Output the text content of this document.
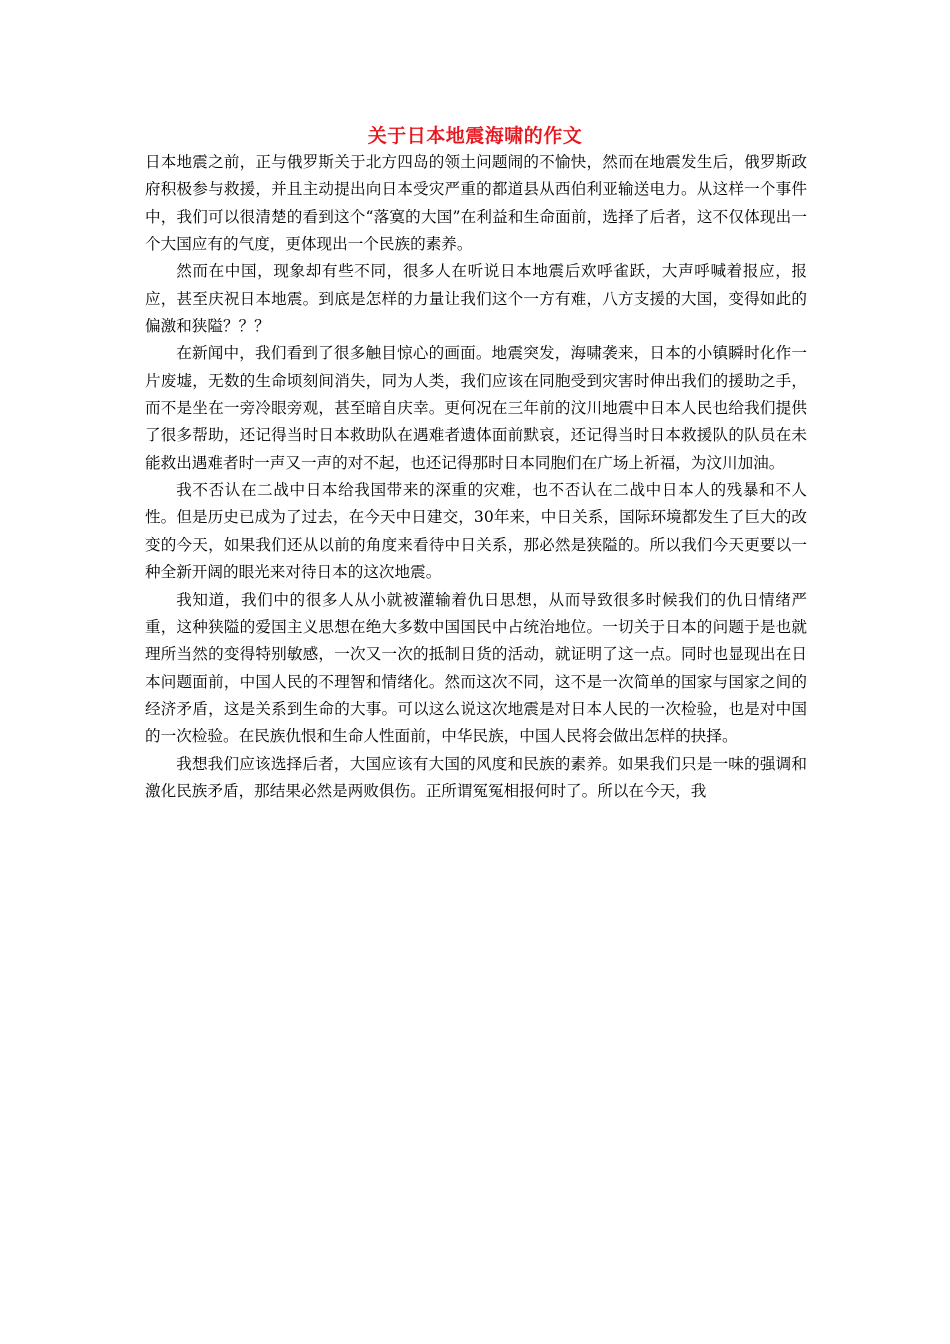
关于日本地震海啸的作文

日本地震之前，正与俄罗斯关于北方四岛的领土问题闹的不愉快，然而在地震发生后，俄罗斯政府积极参与救援，并且主动提出向日本受灾严重的都道县从西伯利亚输送电力。从这样一个事件中，我们可以很清楚的看到这个“落寞的大国”在利益和生命面前，选择了后者，这不仅体现出一个大国应有的气度，更体现出一个民族的素养。

然而在中国，现象却有些不同，很多人在听说日本地震后欢呼雀跃，大声呼喊着报应，报应，甚至庆祝日本地震。到底是怎样的力量让我们这个一方有难，八方支援的大国，变得如此的偏激和狭隘？？？

在新闻中，我们看到了很多触目惊心的画面。地震突发，海啸袭来，日本的小镇瞬时化作一片废墟，无数的生命顷刻间消失，同为人类，我们应该在同胞受到灾害时伸出我们的援助之手，而不是坐在一旁冷眼旁观，甚至暗自庆幸。更何况在三年前的汶川地震中日本人民也给我们提供了很多帮助，还记得当时日本救助队在遇难者遗体面前默哀，还记得当时日本救援队的队员在未能救出遇难者时一声又一声的对不起，也还记得那时日本同胞们在广场上祈福，为汶川加油。

我不否认在二战中日本给我国带来的深重的灾难，也不否认在二战中日本人的残暴和不人性。但是历史已成为了过去，在今天中日建交，30年来，中日关系，国际环境都发生了巨大的改变的今天，如果我们还从以前的角度来看待中日关系，那必然是狭隘的。所以我们今天更要以一种全新开阔的眼光来对待日本的这次地震。

我知道，我们中的很多人从小就被灌输着仇日思想，从而导致很多时候我们的仇日情绪严重，这种狭隘的爱国主义思想在绝大多数中国国民中占统治地位。一切关于日本的问题于是也就理所当然的变得特别敏感，一次又一次的抵制日货的活动，就证明了这一点。同时也显现出在日本问题面前，中国人民的不理智和情绪化。然而这次不同，这不是一次简单的国家与国家之间的经济矛盾，这是关系到生命的大事。可以这么说这次地震是对日本人民的一次检验，也是对中国的一次检验。在民族仇恨和生命人性面前，中华民族，中国人民将会做出怎样的抉择。

我想我们应该选择后者，大国应该有大国的风度和民族的素养。如果我们只是一味的强调和激化民族矛盾，那结果必然是两败俱伤。正所谓冤冤相报何时了。所以在今天，我
